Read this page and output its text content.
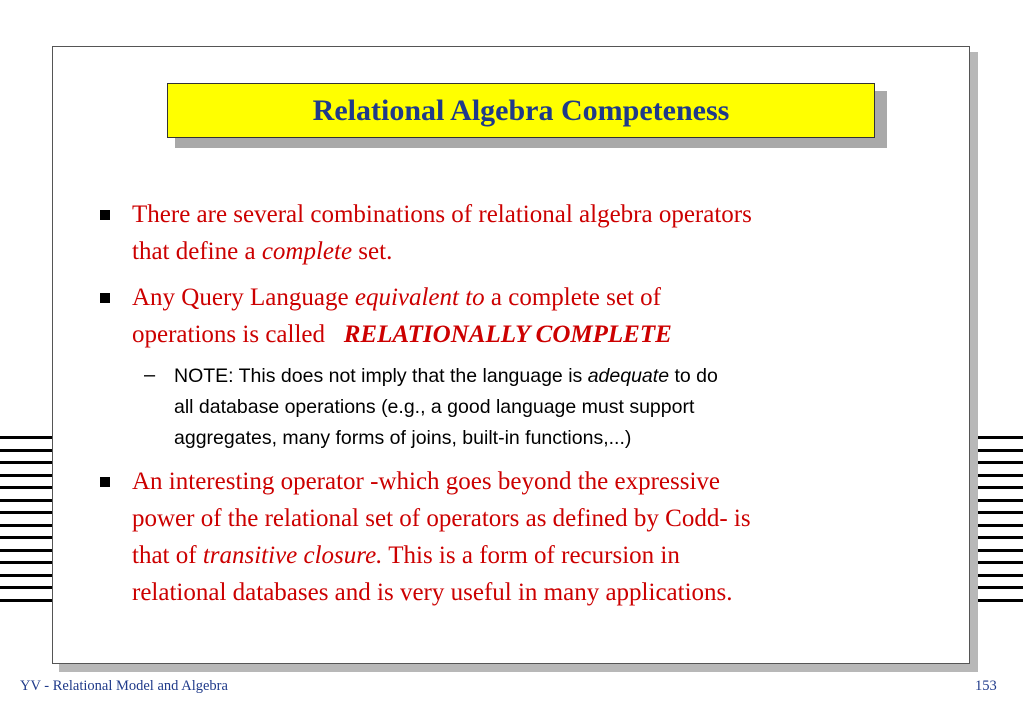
Relational Algebra Competeness
There are several combinations of relational algebra operators
that define a complete set.
Any Query Language equivalent to a complete set of
operations is called   RELATIONALLY COMPLETE
– NOTE: This does not imply that the language is adequate to do
all database operations (e.g., a good language must support
aggregates, many forms of joins, built-in functions,...)
An interesting operator -which goes beyond the expressive
power of the relational set of operators as defined by Codd- is
that of transitive closure. This is a form of recursion in
relational databases and is very useful in many applications.
YV - Relational Model and Algebra	153
